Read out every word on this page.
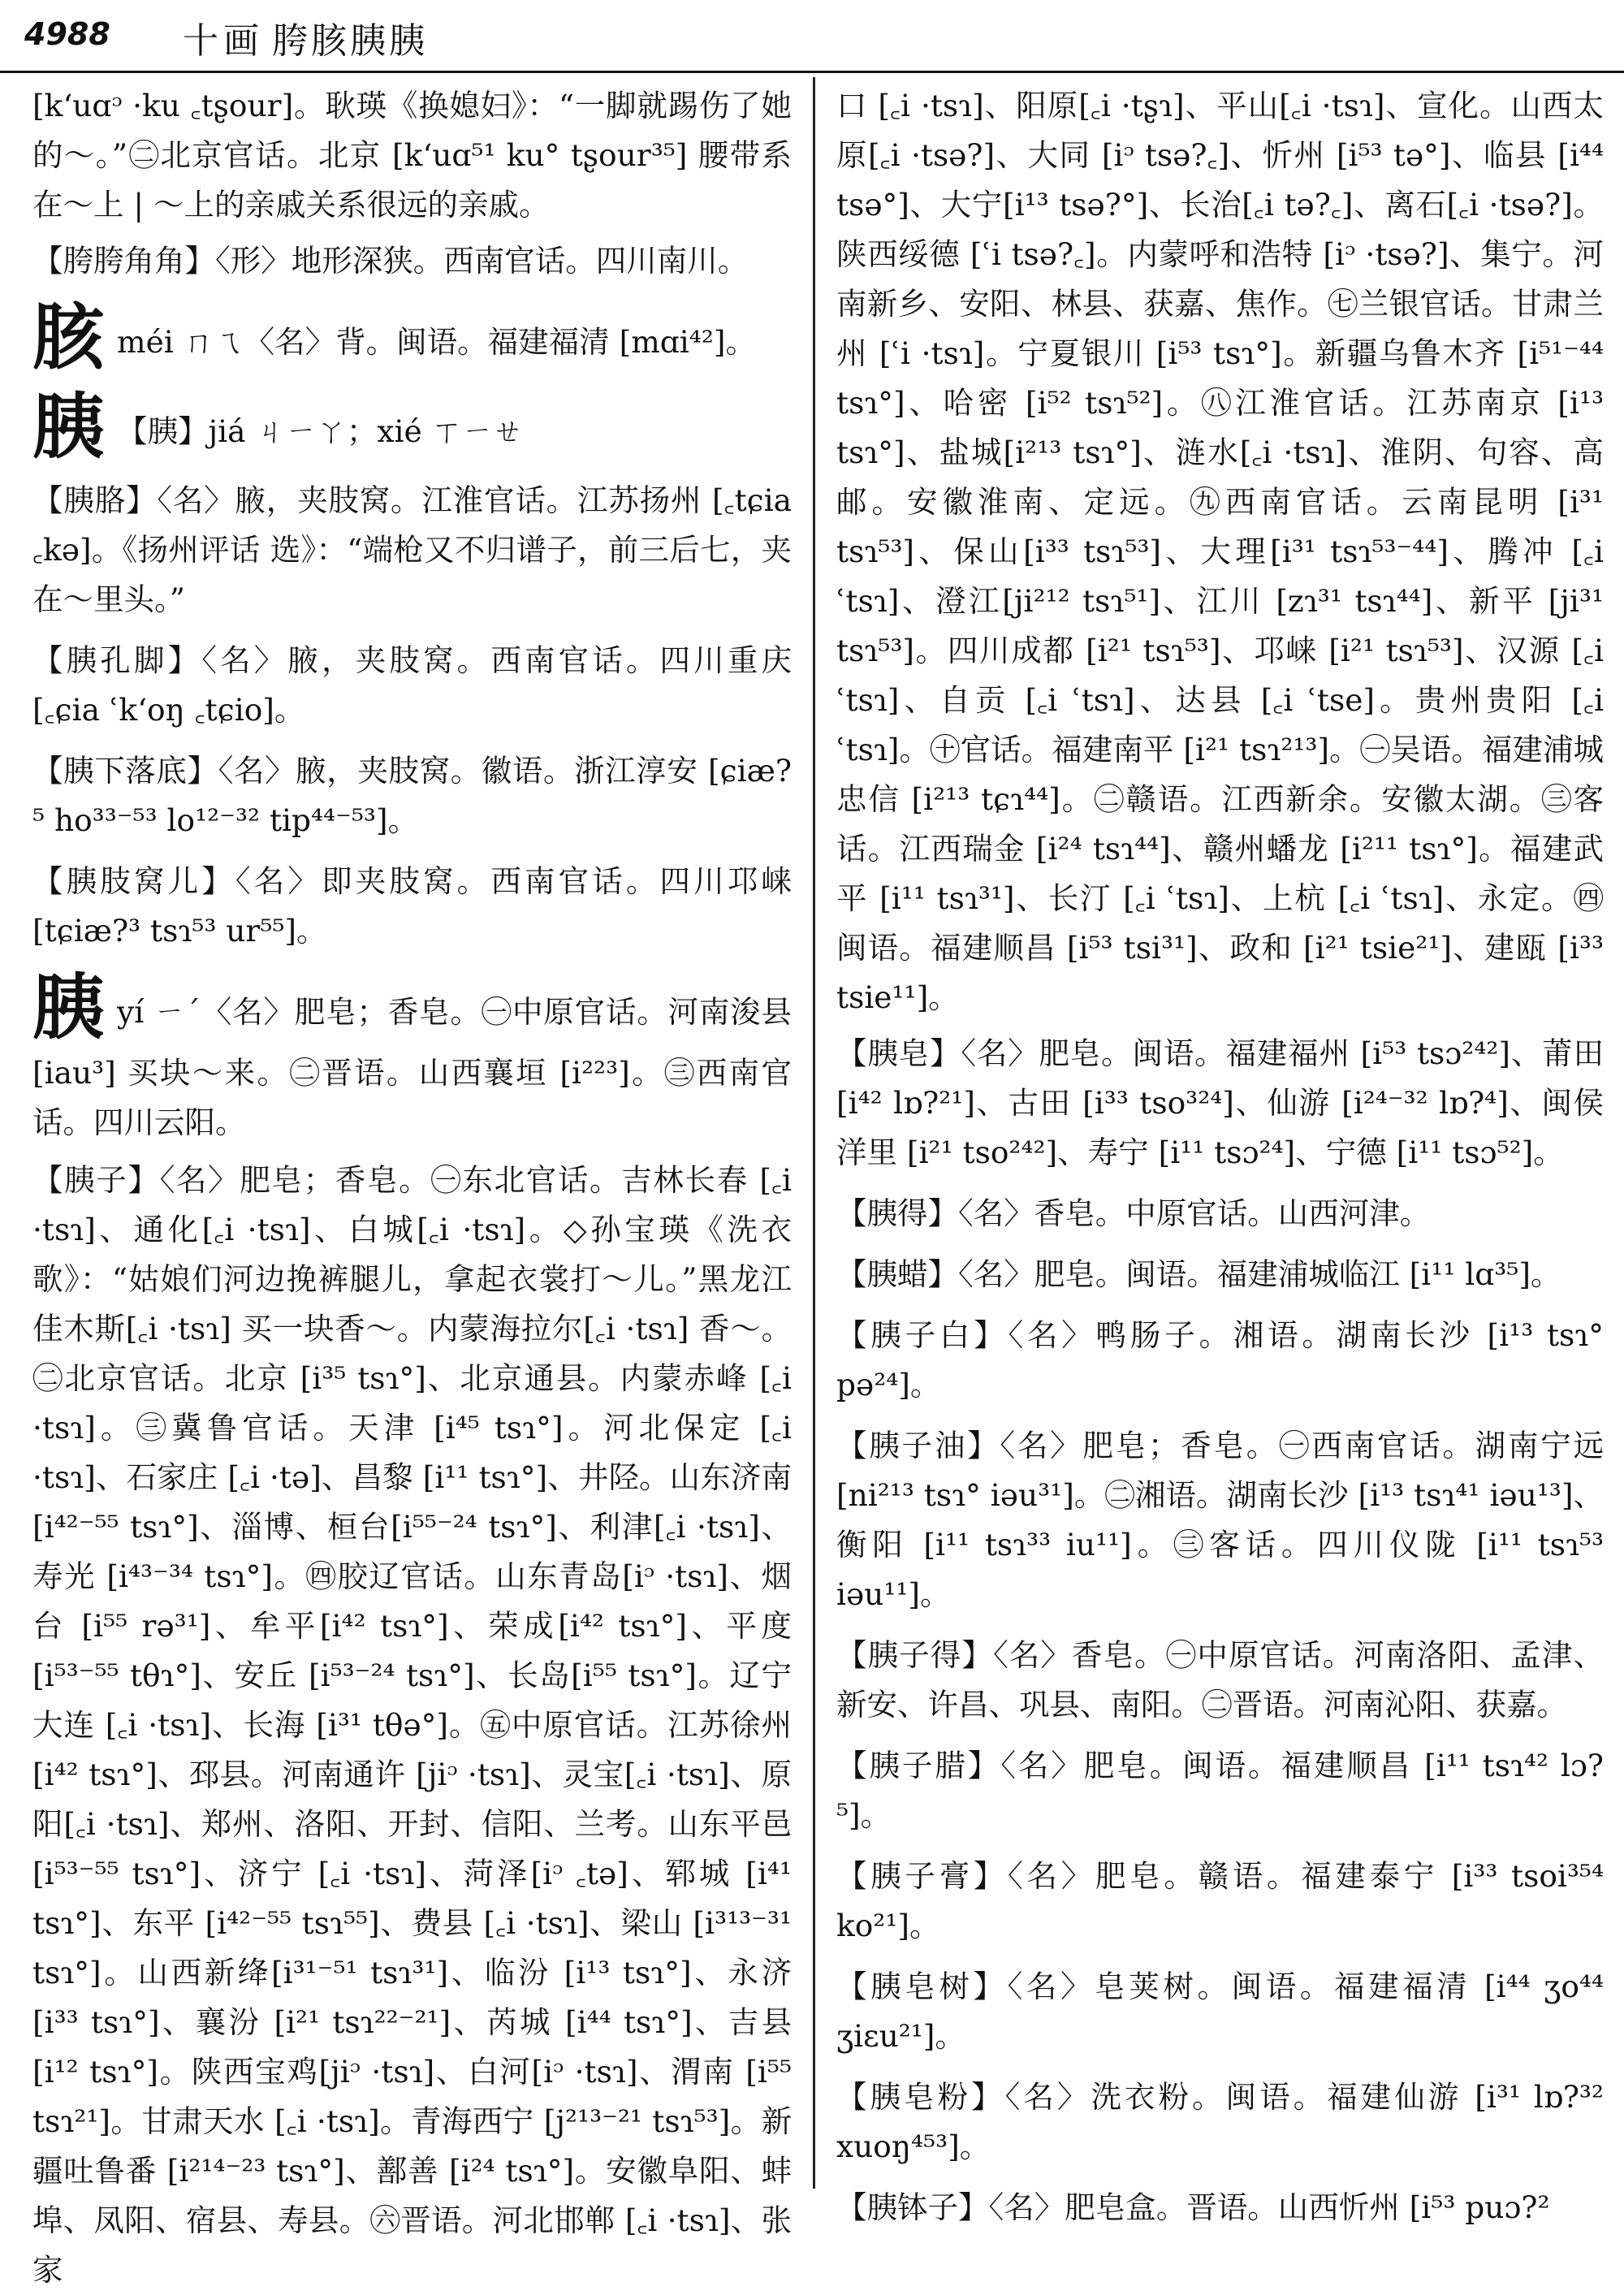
4988 十画 胯胲胰胰
[k‘uɑᵓ ·ku ꜀tʂour]。耿瑛《换媳妇》：“一脚就踢伤了她的～。”㊁北京官话。北京 [k‘uɑ⁵¹ ku° tʂour³⁵] 腰带系在～上 | ～上的亲戚关系很远的亲戚。
【胯胯角角】〈形〉地形深狭。西南官话。四川南川。
胲méi ㄇㄟ〈名〉背。闽语。福建福清 [mɑi⁴²]。
胰 【胰】jiá ㄐㄧㄚ；xié ㄒㄧㄝ
【胰胳】〈名〉腋，夹肢窝。江淮官话。江苏扬州 [꜀tɕia ꜀kə]。《扬州评话 选》：“端枪又不归谱子，前三后七，夹在～里头。”
【胰孔脚】〈名〉腋，夹肢窝。西南官话。四川重庆 [꜀ɕia ʿk‘oŋ ꜀tɕio]。
【胰下落底】〈名〉腋，夹肢窝。徽语。浙江淳安 [ɕiæ?⁵ ho³³⁻⁵³ lo¹²⁻³² tip⁴⁴⁻⁵³]。
【胰肢窝儿】〈名〉即夹肢窝。西南官话。四川邛崃 [tɕiæ?³ tsɿ⁵³ ur⁵⁵]。
胰yí ㄧˊ〈名〉肥皂；香皂。㊀中原官话。河南浚县 [iau³] 买块～来。㊁晋语。山西襄垣 [i²²³]。㊂西南官话。四川云阳。
【胰子】〈名〉肥皂；香皂。㊀东北官话。吉林长春 [꜀i ·tsɿ]、通化[꜀i ·tsɿ]、白城[꜀i ·tsɿ]。◇孙宝瑛《洗衣歌》：“姑娘们河边挽裤腿儿，拿起衣裳打～儿。”黑龙江佳木斯[꜀i ·tsɿ] 买一块香～。内蒙海拉尔[꜀i ·tsɿ] 香～。㊁北京官话。北京 [i³⁵ tsɿ°]、北京通县。内蒙赤峰 [꜀i ·tsɿ]。㊂冀鲁官话。天津 [i⁴⁵ tsɿ°]。河北保定 [꜀i ·tsɿ]、石家庄 [꜀i ·tə]、昌黎 [i¹¹ tsɿ°]、井陉。山东济南[i⁴²⁻⁵⁵ tsɿ°]、淄博、桓台[i⁵⁵⁻²⁴ tsɿ°]、利津[꜀i ·tsɿ]、寿光 [i⁴³⁻³⁴ tsɿ°]。㊃胶辽官话。山东青岛[iᵓ ·tsɿ]、烟台 [i⁵⁵ rə³¹]、牟平[i⁴² tsɿ°]、荣成[i⁴² tsɿ°]、平度 [i⁵³⁻⁵⁵ tθɿ°]、安丘 [i⁵³⁻²⁴ tsɿ°]、长岛[i⁵⁵ tsɿ°]。辽宁大连 [꜀i ·tsɿ]、长海 [i³¹ tθə°]。㊄中原官话。江苏徐州 [i⁴² tsɿ°]、邳县。河南通许 [jiᵓ ·tsɿ]、灵宝[꜀i ·tsɿ]、原阳[꜀i ·tsɿ]、郑州、洛阳、开封、信阳、兰考。山东平邑 [i⁵³⁻⁵⁵ tsɿ°]、济宁 [꜀i ·tsɿ]、菏泽[iᵓ ꜀tə]、郓城 [i⁴¹ tsɿ°]、东平 [i⁴²⁻⁵⁵ tsɿ⁵⁵]、费县 [꜀i ·tsɿ]、梁山 [i³¹³⁻³¹ tsɿ°]。山西新绛[i³¹⁻⁵¹ tsɿ³¹]、临汾 [i¹³ tsɿ°]、永济 [i³³ tsɿ°]、襄汾 [i²¹ tsɿ²²⁻²¹]、芮城 [i⁴⁴ tsɿ°]、吉县 [i¹² tsɿ°]。陕西宝鸡[jiᵓ ·tsɿ]、白河[iᵓ ·tsɿ]、渭南 [i⁵⁵ tsɿ²¹]。甘肃天水 [꜀i ·tsɿ]。青海西宁 [j²¹³⁻²¹ tsɿ⁵³]。新疆吐鲁番 [i²¹⁴⁻²³ tsɿ°]、鄯善 [i²⁴ tsɿ°]。安徽阜阳、蚌埠、凤阳、宿县、寿县。㊅晋语。河北邯郸 [꜀i ·tsɿ]、张家
口 [꜀i ·tsɿ]、阳原[꜀i ·tʂɿ]、平山[꜀i ·tsɿ]、宣化。山西太原[꜀i ·tsə?]、大同 [iᵓ tsə?꜀]、忻州 [i⁵³ tə°]、临县 [i⁴⁴ tsə°]、大宁[i¹³ tsə?°]、长治[꜀i tə?꜀]、离石[꜀i ·tsə?]。陕西绥德 [ʿi tsə?꜀]。内蒙呼和浩特 [iᵓ ·tsə?]、集宁。河南新乡、安阳、林县、获嘉、焦作。㊆兰银官话。甘肃兰州 [ʿi ·tsɿ]。宁夏银川 [i⁵³ tsɿ°]。新疆乌鲁木齐 [i⁵¹⁻⁴⁴ tsɿ°]、哈密 [i⁵² tsɿ⁵²]。㊇江淮官话。江苏南京 [i¹³ tsɿ°]、盐城[i²¹³ tsɿ°]、涟水[꜀i ·tsɿ]、淮阴、句容、高邮。安徽淮南、定远。㊈西南官话。云南昆明 [i³¹ tsɿ⁵³]、保山[i³³ tsɿ⁵³]、大理[i³¹ tsɿ⁵³⁻⁴⁴]、腾冲 [꜀i ʿtsɿ]、澄江[ji²¹² tsɿ⁵¹]、江川 [zɿ³¹ tsɿ⁴⁴]、新平 [ji³¹ tsɿ⁵³]。四川成都 [i²¹ tsɿ⁵³]、邛崃 [i²¹ tsɿ⁵³]、汉源 [꜀i ʿtsɿ]、自贡 [꜀i ʿtsɿ]、达县 [꜀i ʿtse]。贵州贵阳 [꜀i ʿtsɿ]。㊉官话。福建南平 [i²¹ tsɿ²¹³]。㊀吴语。福建浦城忠信 [i²¹³ tɕɿ⁴⁴]。㊁赣语。江西新余。安徽太湖。㊂客话。江西瑞金 [i²⁴ tsɿ⁴⁴]、赣州蟠龙 [i²¹¹ tsɿ°]。福建武平 [i¹¹ tsɿ³¹]、长汀 [꜀i ʿtsɿ]、上杭 [꜀i ʿtsɿ]、永定。㊃闽语。福建顺昌 [i⁵³ tsi³¹]、政和 [i²¹ tsie²¹]、建瓯 [i³³ tsie¹¹]。
【胰皂】〈名〉肥皂。闽语。福建福州 [i⁵³ tsɔ²⁴²]、莆田 [i⁴² lɒ?²¹]、古田 [i³³ tso³²⁴]、仙游 [i²⁴⁻³² lɒ?⁴]、闽侯洋里 [i²¹ tso²⁴²]、寿宁 [i¹¹ tsɔ²⁴]、宁德 [i¹¹ tsɔ⁵²]。
【胰得】〈名〉香皂。中原官话。山西河津。
【胰蜡】〈名〉肥皂。闽语。福建浦城临江 [i¹¹ lɑ³⁵]。
【胰子白】〈名〉鸭肠子。湘语。湖南长沙 [i¹³ tsɿ° pə²⁴]。
【胰子油】〈名〉肥皂；香皂。㊀西南官话。湖南宁远 [ni²¹³ tsɿ° iəu³¹]。㊁湘语。湖南长沙 [i¹³ tsɿ⁴¹ iəu¹³]、衡阳 [i¹¹ tsɿ³³ iu¹¹]。㊂客话。四川仪陇 [i¹¹ tsɿ⁵³ iəu¹¹]。
【胰子得】〈名〉香皂。㊀中原官话。河南洛阳、孟津、新安、许昌、巩县、南阳。㊁晋语。河南沁阳、获嘉。
【胰子腊】〈名〉肥皂。闽语。福建顺昌 [i¹¹ tsɿ⁴² lɔ?⁵]。
【胰子膏】〈名〉肥皂。赣语。福建泰宁 [i³³ tsoi³⁵⁴ ko²¹]。
【胰皂树】〈名〉皂荚树。闽语。福建福清 [i⁴⁴ ʒo⁴⁴ ʒiɛu²¹]。
【胰皂粉】〈名〉洗衣粉。闽语。福建仙游 [i³¹ lɒ?³² xuoŋ⁴⁵³]。
【胰钵子】〈名〉肥皂盒。晋语。山西忻州 [i⁵³ puɔ?²
